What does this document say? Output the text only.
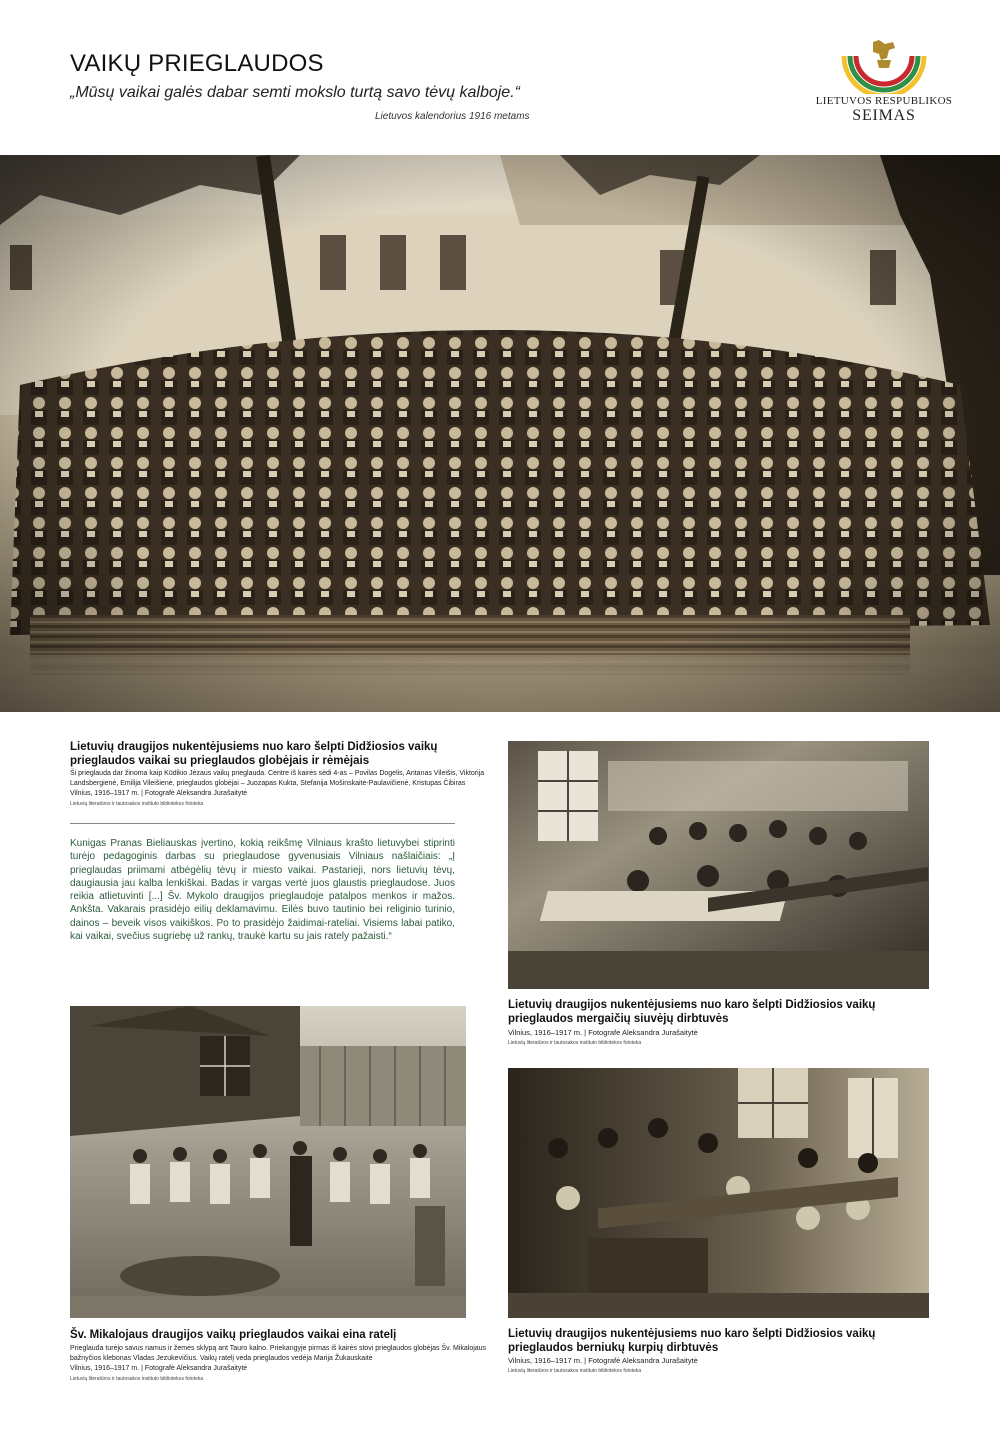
VAIKŲ PRIEGLAUDOS
„Mūsų vaikai galės dabar semti mokslo turtą savo tėvų kalboje.“
Lietuvos kalendorius 1916 metams
LIETUVOS RESPUBLIKOS
SEIMAS
Lietuvių draugijos nukentėjusiems nuo karo šelpti Didžiosios vaikų prieglaudos vaikai su prieglaudos globėjais ir rėmėjais
Ši prieglauda dar žinoma kaip Kūdikio Jėzaus vaikų prieglauda. Centre iš kairės sėdi 4-as – Povilas Dogelis, Antanas Vileišis, Viktorija
Landsbergienė, Emilija Vileišienė, prieglaudos globėjai – Juozapas Kukta, Stefanija Mošinskaitė-Paulavičienė, Kristupas Čibiras
Vilnius, 1916–1917 m. | Fotografė Aleksandra Jurašaitytė
Lietuvių literatūros ir tautosakos instituto bibliotekos fototeka
Kunigas Pranas Bieliauskas įvertino, kokią reikšmę Vilniaus krašto lietuvybei stiprinti turėjo pedagoginis darbas su prieglaudose gyvenusiais Vilniaus našlaičiais: „Į prieglaudas priimami atbėgėlių tėvų ir miesto vaikai. Pastarieji, nors lietuvių tėvų, daugiausia jau kalba lenkiškai. Badas ir vargas vertė juos glaustis prieglaudose. Juos reikia atlietuvinti [...] Šv. Mykolo draugijos prieglaudoje patalpos menkos ir mažos. Ankšta. Vakarais prasidėjo eilių deklamavimu. Eilės buvo tautinio bei religinio turinio, dainos – beveik visos vaikiškos. Po to prasidėjo žaidimai-rateliai. Visiems labai patiko, kai vaikai, svečius sugriebę už rankų, traukė kartu su jais rately pažaisti.“
Lietuvių draugijos nukentėjusiems nuo karo šelpti Didžiosios vaikų prieglaudos mergaičių siuvėjų dirbtuvės
Vilnius, 1916–1917 m. | Fotografė Aleksandra Jurašaitytė
Lietuvių literatūros ir tautosakos instituto bibliotekos fototeka
Šv. Mikalojaus draugijos vaikų prieglaudos vaikai eina ratelį
Prieglauda turėjo savus namus ir žemės sklypą ant Tauro kalno. Priekangyje pirmas iš kairės stovi prieglaudos globėjas Šv. Mikalojaus
bažnyčios klebonas Vladas Jezukevičius. Vaikų ratelį veda prieglaudos vedėja Marija Žukauskaitė
Vilnius, 1916–1917 m. | Fotografė Aleksandra Jurašaitytė
Lietuvių literatūros ir tautosakos instituto bibliotekos fototeka
Lietuvių draugijos nukentėjusiems nuo karo šelpti Didžiosios vaikų prieglaudos berniukų kurpių dirbtuvės
Vilnius, 1916–1917 m. | Fotografė Aleksandra Jurašaitytė
Lietuvių literatūros ir tautosakos instituto bibliotekos fototeka
